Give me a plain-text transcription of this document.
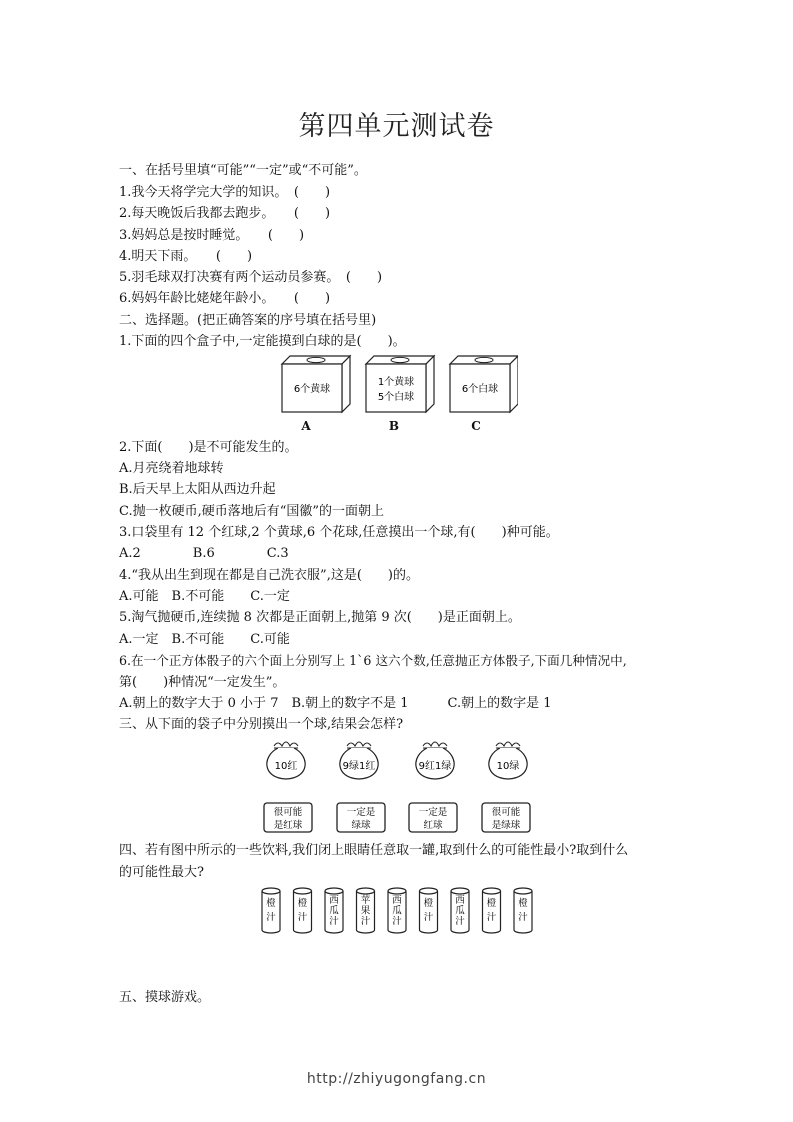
第四单元测试卷
一、在括号里填“可能”“一定”或“不可能”。
1.我今天将学完大学的知识。　(　　)
2.每天晚饭后我都去跑步。　　(　　)
3.妈妈总是按时睡觉。　　(　　)
4.明天下雨。　　(　　)
5.羽毛球双打决赛有两个运动员参赛。　(　　)
6.妈妈年龄比姥姥年龄小。　　(　　)
二、选择题。(把正确答案的序号填在括号里)
1.下面的四个盒子中,一定能摸到白球的是(　　)。
6个黄球
1个黄球
5个白球
6个白球
A	B	C
2.下面(　　)是不可能发生的。
A.月亮绕着地球转
B.后天早上太阳从西边升起
C.抛一枚硬币,硬币落地后有“国徽”的一面朝上
3.口袋里有 12 个红球,2 个黄球,6 个花球,任意摸出一个球,有(　　)种可能。
A.2　　　　B.6　　　　C.3
4.“我从出生到现在都是自己洗衣服”,这是(　　)的。
A.可能　B.不可能　　C.一定
5.淘气抛硬币,连续抛 8 次都是正面朝上,抛第 9 次(　　)是正面朝上。
A.一定　B.不可能　　C.可能
6.在一个正方体骰子的六个面上分别写上 1`6 这六个数,任意抛正方体骰子,下面几种情况中,
第(　　)种情况“一定发生”。
A.朝上的数字大于 0 小于 7　B.朝上的数字不是 1　　　C.朝上的数字是 1
三、从下面的袋子中分别摸出一个球,结果会怎样?
10红	9绿1红	9红1绿	10绿
很可能
是红球
一定是
绿球
一定是
红球
很可能
是绿球
四、若有图中所示的一些饮料,我们闭上眼睛任意取一罐,取到什么的可能性最小?取到什么
的可能性最大?
橙
汁
橙
汁
西
瓜
汁
苹
果
汁
西
瓜
汁
橙
汁
西
瓜
汁
橙
汁
橙
汁
五、摸球游戏。
http://zhiyugongfang.cn
